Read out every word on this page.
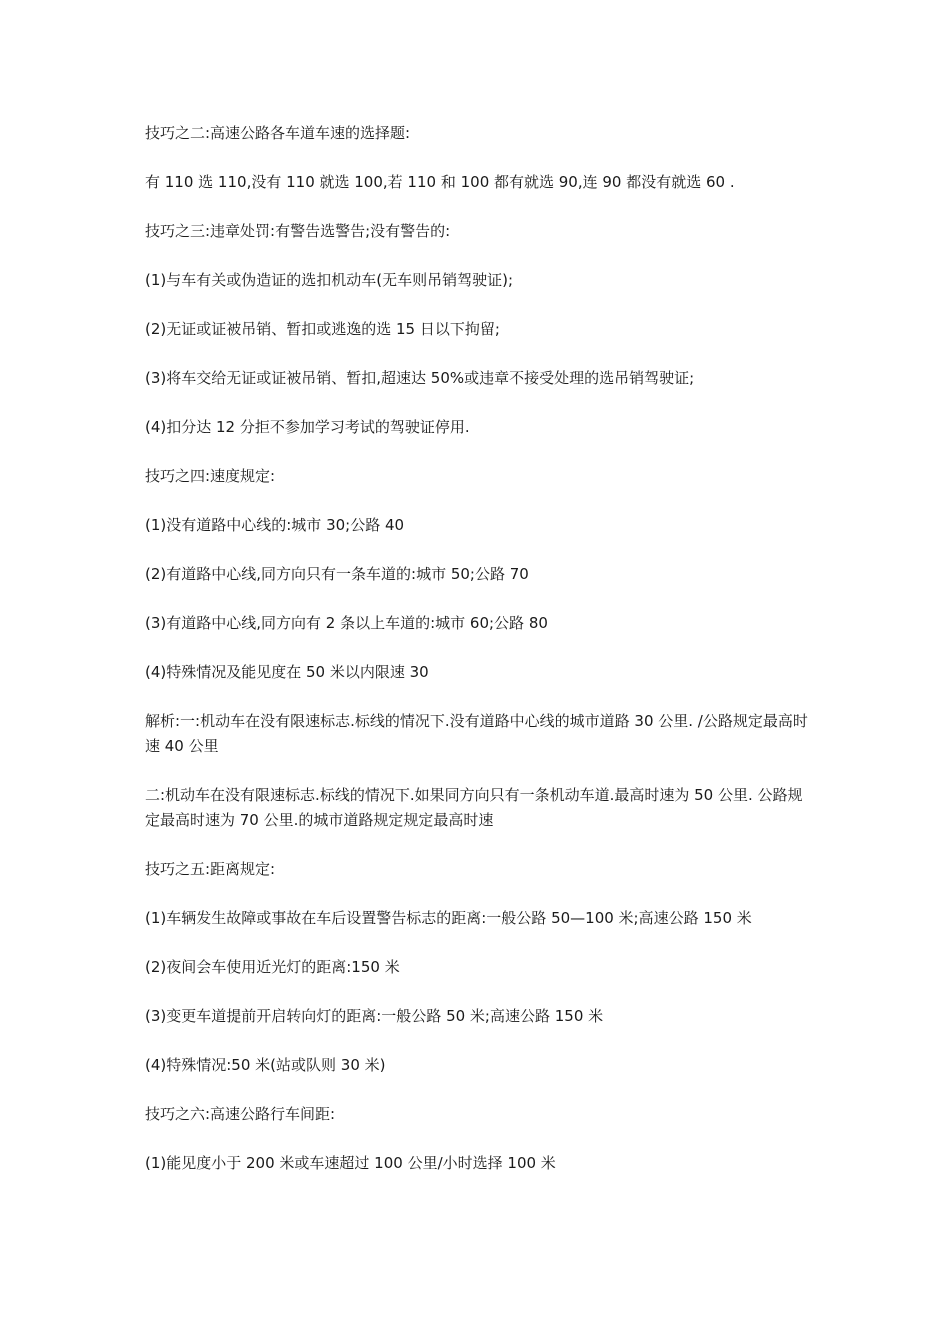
技巧之二:高速公路各车道车速的选择题:

有 110 选 110,没有 110 就选 100,若 110 和 100 都有就选 90,连 90 都没有就选 60 .

技巧之三:违章处罚:有警告选警告;没有警告的:

(1)与车有关或伪造证的选扣机动车(无车则吊销驾驶证);

(2)无证或证被吊销、暂扣或逃逸的选 15 日以下拘留;

(3)将车交给无证或证被吊销、暂扣,超速达 50%或违章不接受处理的选吊销驾驶证;

(4)扣分达 12 分拒不参加学习考试的驾驶证停用.

技巧之四:速度规定:

(1)没有道路中心线的:城市 30;公路 40

(2)有道路中心线,同方向只有一条车道的:城市 50;公路 70

(3)有道路中心线,同方向有 2 条以上车道的:城市 60;公路 80

(4)特殊情况及能见度在 50 米以内限速 30

解析:一:机动车在没有限速标志.标线的情况下.没有道路中心线的城市道路 30 公里. /公路规定最高时速 40 公里

二:机动车在没有限速标志.标线的情况下.如果同方向只有一条机动车道.最高时速为 50 公里. 公路规定最高时速为 70 公里.的城市道路规定规定最高时速

技巧之五:距离规定:

(1)车辆发生故障或事故在车后设置警告标志的距离:一般公路 50—100 米;高速公路 150 米

(2)夜间会车使用近光灯的距离:150 米

(3)变更车道提前开启转向灯的距离:一般公路 50 米;高速公路 150 米

(4)特殊情况:50 米(站或队则 30 米)

技巧之六:高速公路行车间距:

(1)能见度小于 200 米或车速超过 100 公里/小时选择 100 米
